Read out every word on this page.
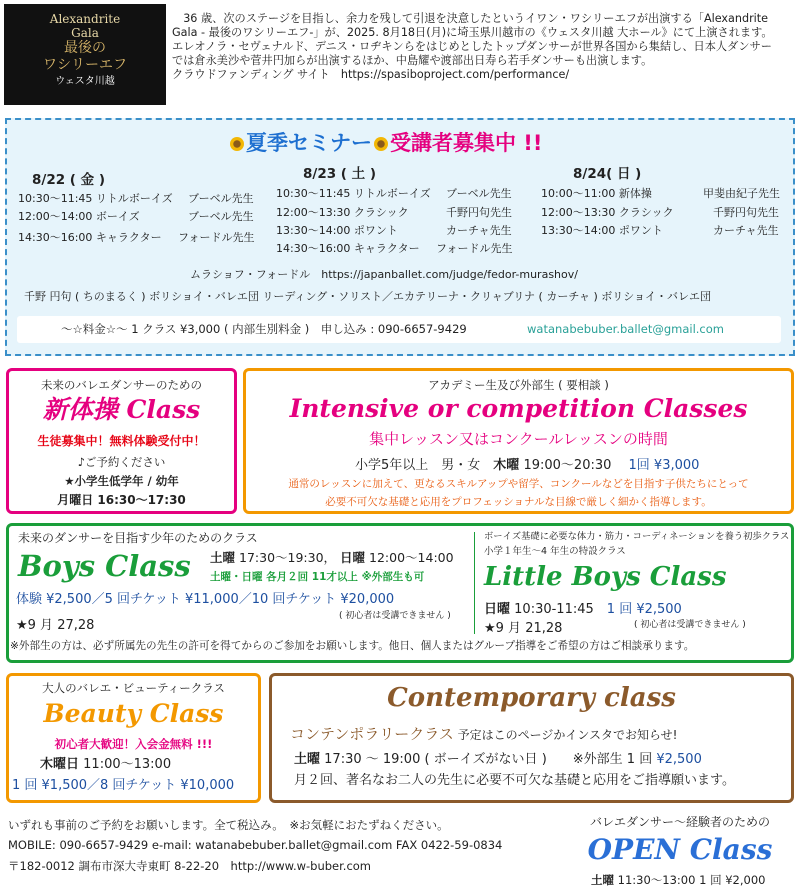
Alexandrite
Gala
最後の
ワシリーエフ
ウェスタ川越
　36 歳、次のステージを目指し、余力を残して引退を決意したというイワン・ワシリーエフが出演する「Alexandrite
Gala - 最後のワシリーエフ-」が、2025. 8月18日(月)に埼玉県川越市の《ウェスタ川越 大ホール》にて上演されます。
エレオノラ・セヴェナルド、デニス・ロヂキンらをはじめとしたトップダンサーが世界各国から集結し、日本人ダンサー
では倉永美沙や菅井円加らが出演するほか、中島耀や渡部出日寿ら若手ダンサーも出演します。
クラウドファンディング サイト　https://spasiboproject.com/performance/
夏季セミナー 受講者募集中 !!
8/22 ( 金 )
10:30～11:45 リトルボーイズ ブーベル先生
12:00～14:00 ボーイズ	ブーベル先生
14:30～16:00 キャラクター フォードル先生
8/23 ( 土 )
10:30～11:45 リトルボーイズ ブーベル先生
12:00～13:30 クラシック	千野円句先生
13:30～14:00 ポワント	カーチャ先生
14:30～16:00 キャラクター フォードル先生
8/24( 日 )
10:00～11:00 新体操	甲斐由紀子先生
12:00～13:30 クラシック	千野円句先生
13:30～14:00 ポワント	カーチャ先生
ムラショフ・フォードル　https://japanballet.com/judge/fedor-murashov/
千野 円句 ( ちのまるく ) ボリショイ・バレエ団 リーディング・ソリスト／エカテリーナ・クリャブリナ ( カーチャ ) ボリショイ・バレエ団
～☆料金☆～ 1 クラス ¥3,000 ( 内部生別料金 )　申し込み : 090-6657-9429	watanabebuber.ballet@gmail.com
未来のバレエダンサーのための
新体操 Class
生徒募集中！無料体験受付中！
♪ご予約ください
★小学生低学年 / 幼年
月曜日 16:30～17:30
アカデミー生及び外部生 ( 要相談 )
Intensive or competition Classes
集中レッスン又はコンクールレッスンの時間
小学5年以上　男・女　 木曜 19:00～20:30　 1回 ¥3,000
通常のレッスンに加えて、更なるスキルアップや留学、コンクールなどを目指す子供たちにとって
必要不可欠な基礎と応用をプロフェッショナルな目線で厳しく細かく指導します。
未来のダンサーを目指す少年のためのクラス
Boys Class 土曜 17:30～19:30， 日曜 12:00～14:00
土曜・日曜 各月２回 11才以上 ※外部生も可
体験 ¥2,500／5 回チケット ¥11,000／10 回チケット ¥20,000
( 初心者は受講できません )
★9 月 27,28
ボーイズ基礎に必要な体力・筋力・コーディネーションを養う初歩クラス
小学１年生～4 年生の特設クラス
Little Boys Class
日曜 10:30-11:45　 1 回 ¥2,500
( 初心者は受講できません )
★9 月 21,28
※外部生の方は、必ず所属先の先生の許可を得てからのご参加をお願いします。他日、個人またはグループ指導をご希望の方はご相談承ります。
大人のバレエ・ビューティークラス
Beauty Class
初心者大歓迎！入会金無料 !!!
木曜日 11:00～13:00
1 回 ¥1,500／8 回チケット ¥10,000
Contemporary class
コンテンポラリークラス 予定はこのページかインスタでお知らせ!
土曜 17:30 ～ 19:00 ( ボーイズがない日 )　　 ※外部生 1 回 ¥2,500
月２回、著名なお二人の先生に必要不可欠な基礎と応用をご指導願います。
いずれも事前のご予約をお願いします。全て税込み。　※お気軽におたずねください。
MOBILE: 090-6657-9429 e-mail: watanabebuber.ballet@gmail.com FAX 0422-59-0834
〒182-0012 調布市深大寺東町 8-22-20　http://www.w-buber.com
バレエダンサー～経験者のための
OPEN Class
土曜 11:30～13:00 1 回 ¥2,000
